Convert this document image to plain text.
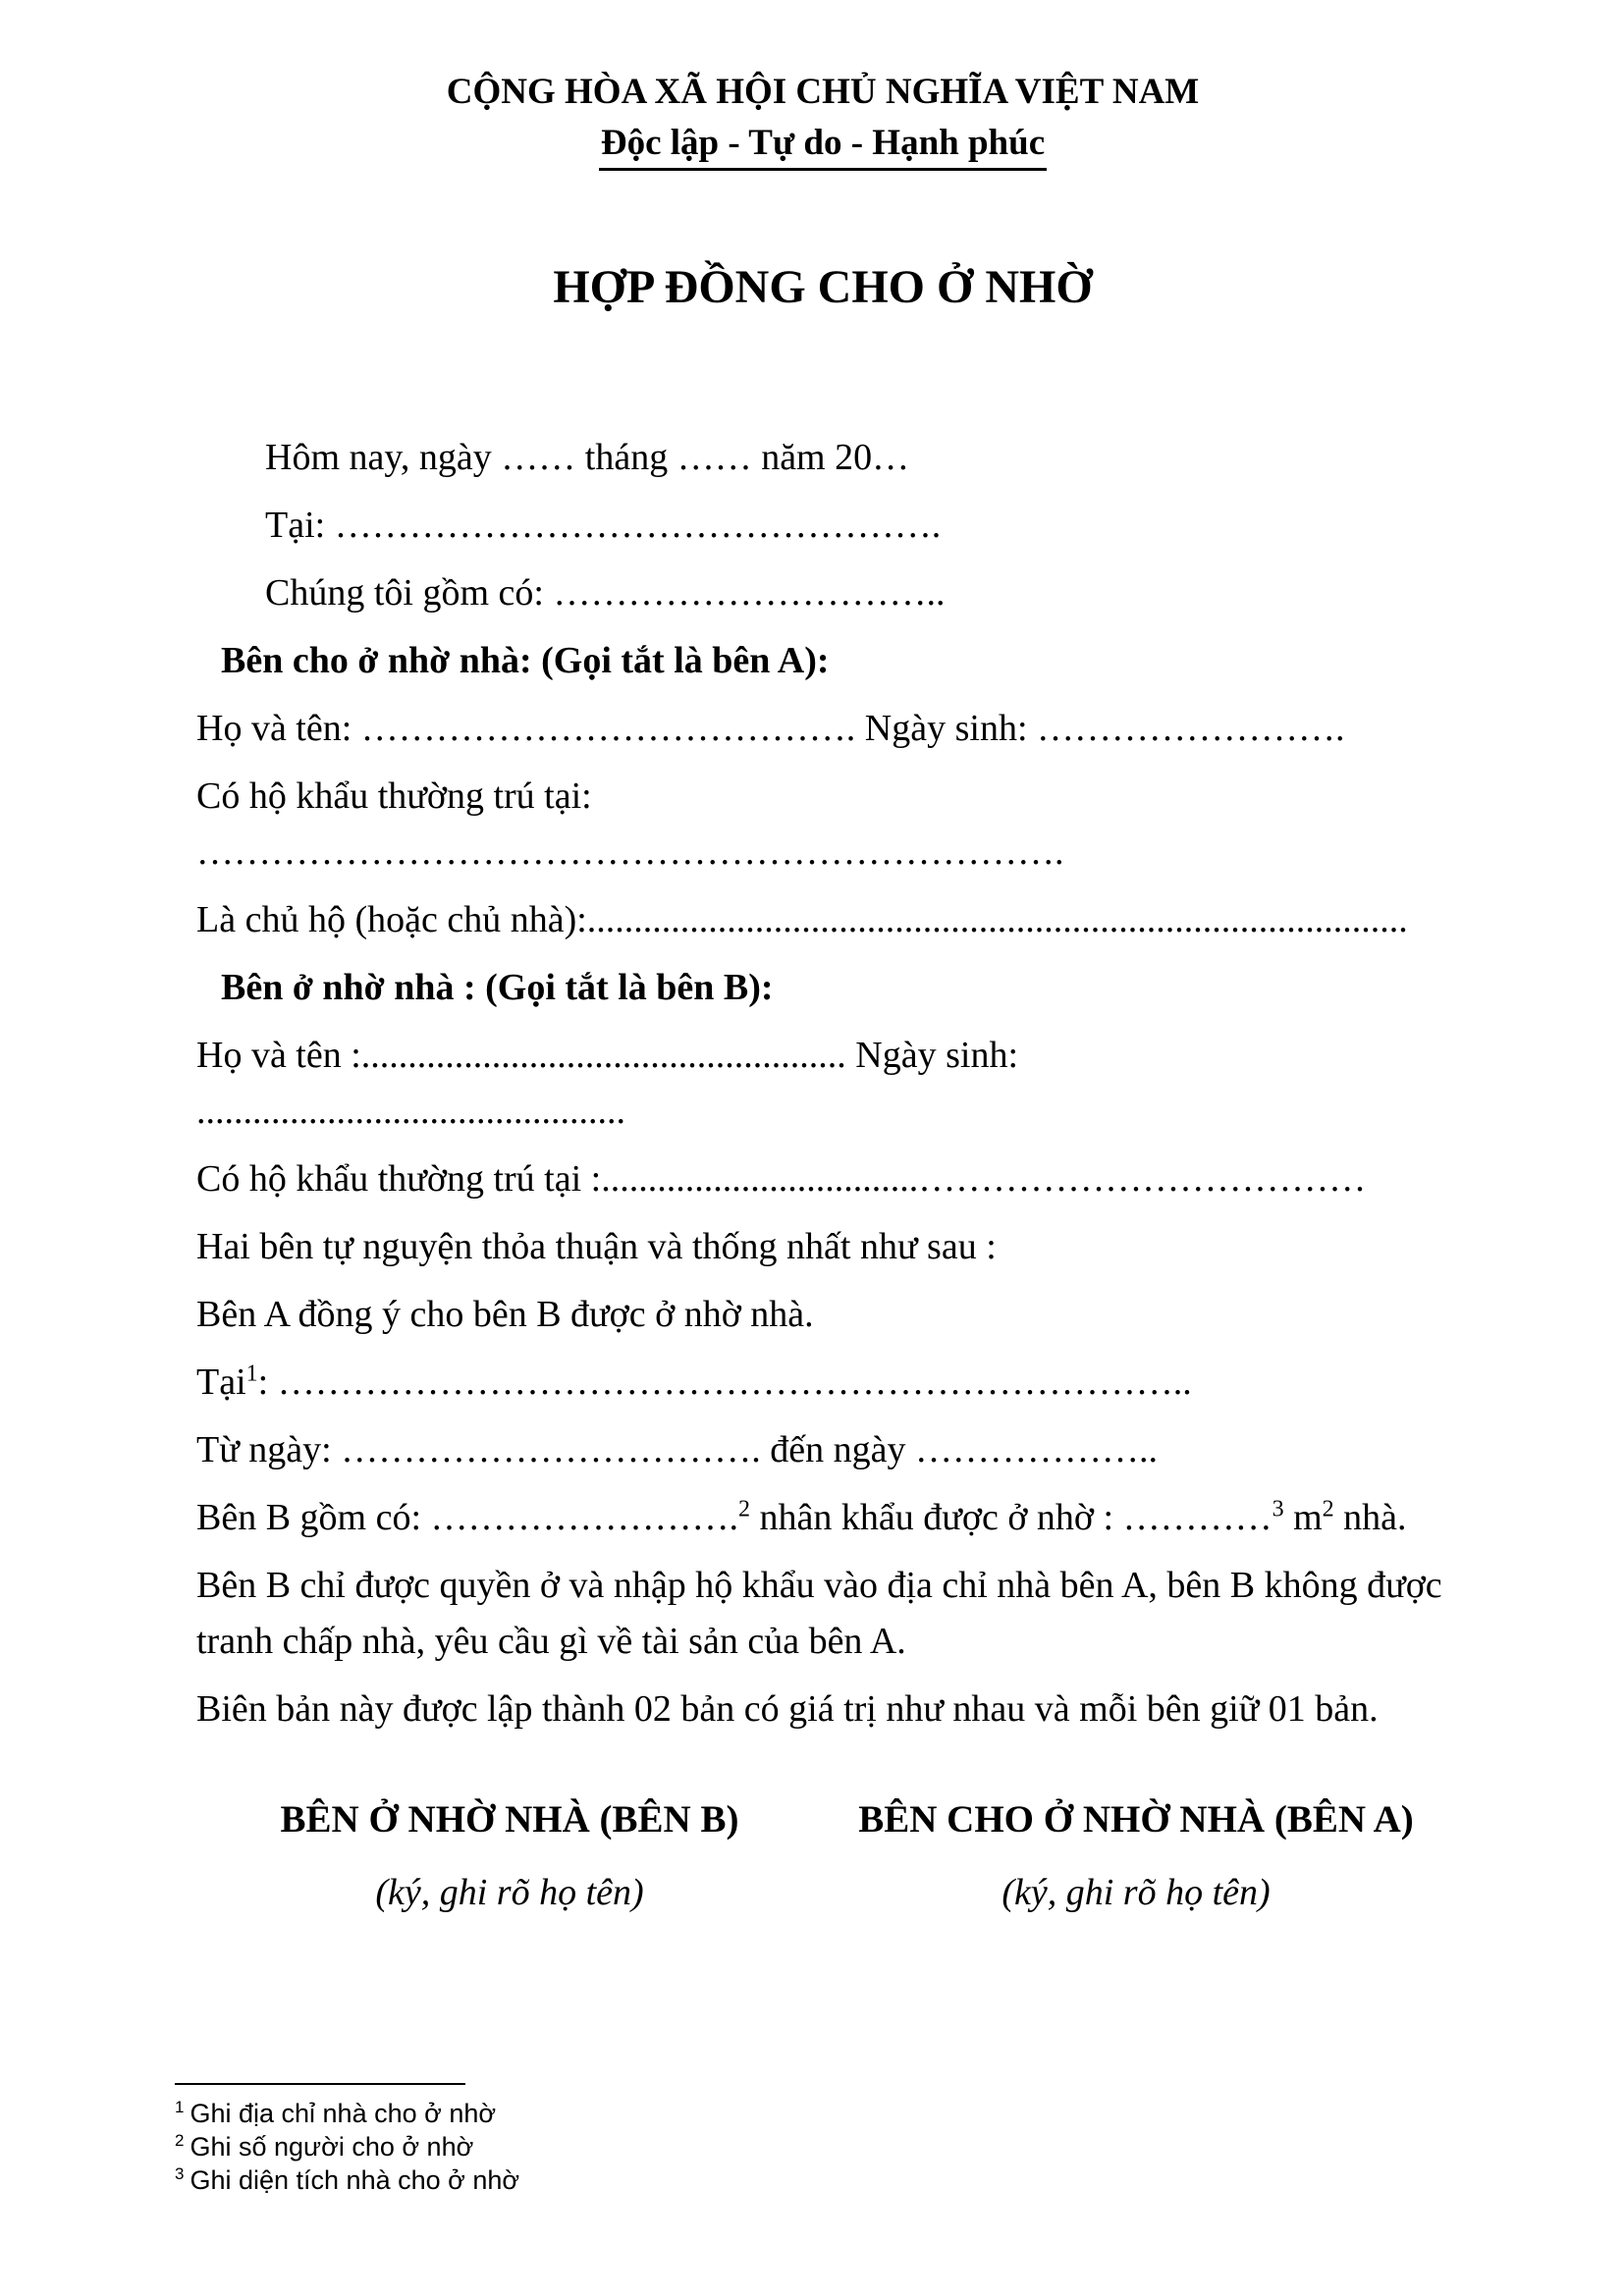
CỘNG HÒA XÃ HỘI CHỦ NGHĨA VIỆT NAM
Độc lập - Tự do - Hạnh phúc
HỢP ĐỒNG CHO Ở NHỜ

Hôm nay, ngày …… tháng …… năm 20…

Tại: ………………………………………….

Chúng tôi gồm có: …………………………..

Bên cho ở nhờ nhà: (Gọi tắt là bên A):

Họ và tên: …………………………………. Ngày sinh: …………………….

Có hộ khẩu thường trú tại: …………………………………………………………….

Là chủ hộ (hoặc chủ nhà):........................................................................................

Bên ở nhờ nhà : (Gọi tắt là bên B):

Họ và tên :.................................................... Ngày sinh: ..............................................

Có hộ khẩu thường trú tại :..................................………………………………

Hai bên tự nguyện thỏa thuận và thống nhất như sau :

Bên A đồng ý cho bên B được ở nhờ nhà.

Tại$^1$: ………………………………………………………………..

Từ ngày: ……………………………. đến ngày ………………..

Bên B gồm có: …………………….$^2$ nhân khẩu được ở nhờ : …………$^3$ m$^2$ nhà.

Bên B chỉ được quyền ở và nhập hộ khẩu vào địa chỉ nhà bên A, bên B không được tranh chấp nhà, yêu cầu gì về tài sản của bên A.

Biên bản này được lập thành 02 bản có giá trị như nhau và mỗi bên giữ 01 bản.

BÊN Ở NHỜ NHÀ (BÊN B)
(ký, ghi rõ họ tên)
BÊN CHO Ở NHỜ NHÀ (BÊN A)
(ký, ghi rõ họ tên)
$^1$ Ghi địa chỉ nhà cho ở nhờ
$^2$ Ghi số người cho ở nhờ
$^3$ Ghi diện tích nhà cho ở nhờ
